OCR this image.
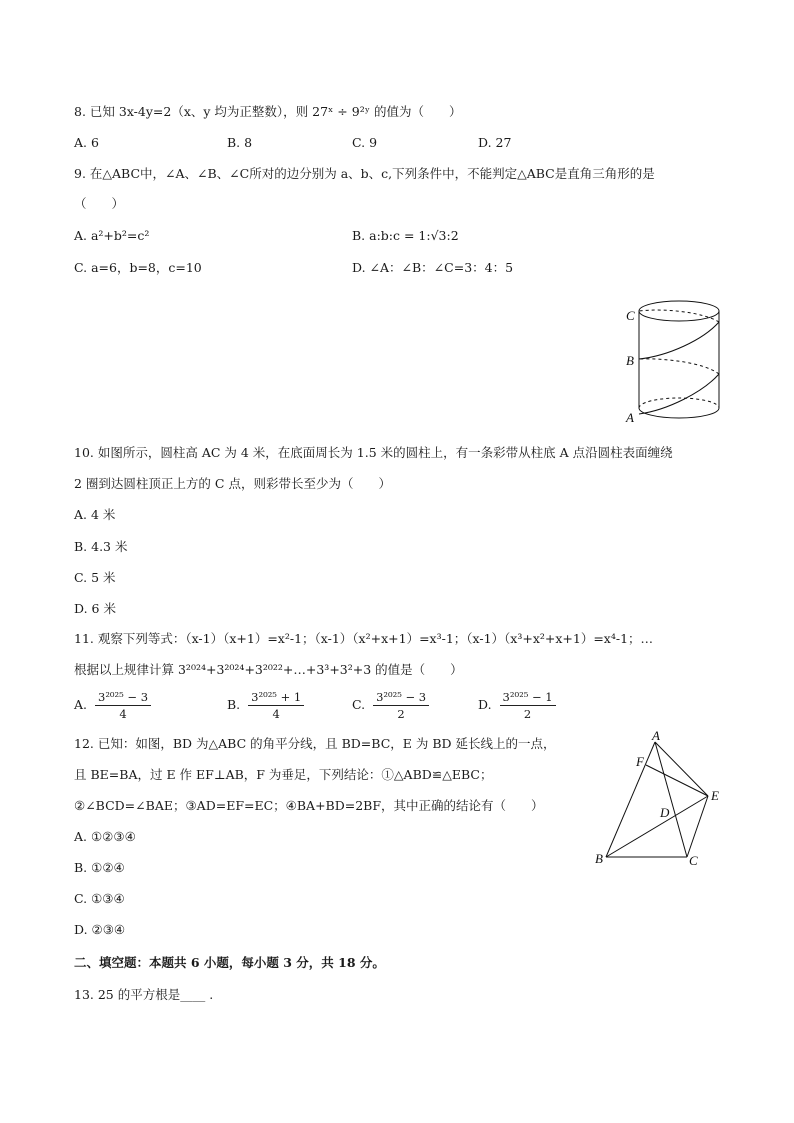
8. 已知 3x-4y=2（x、y 均为正整数），则 27ˣ ÷ 9²ʸ 的值为（　　）
A. 6	B. 8	C. 9	D. 27
9. 在△ABC中，∠A、∠B、∠C所对的边分别为 a、b、c,下列条件中，不能判定△ABC是直角三角形的是
（　　）
A. a²+b²=c²	B. a:b:c = 1:√3:2
C. a=6，b=8，c=10	D. ∠A：∠B：∠C=3：4：5
C
B
A
10. 如图所示，圆柱高 AC 为 4 米，在底面周长为 1.5 米的圆柱上，有一条彩带从柱底 A 点沿圆柱表面缠绕
2 圈到达圆柱顶正上方的 C 点，则彩带长至少为（　　）
A. 4 米
B. 4.3 米
C. 5 米
D. 6 米
11. 观察下列等式：（x-1）（x+1）=x²-1；（x-1）（x²+x+1）=x³-1；（x-1）（x³+x²+x+1）=x⁴-1；…
根据以上规律计算 3²⁰²⁴+3²⁰²⁴+3²⁰²²+…+3³+3²+3 的值是（　　）
A. $\frac{\text{3²⁰²⁵ − 3}}{4}$	B. $\frac{\text{3²⁰²⁵ + 1}}{4}$	C. $\frac{\text{3²⁰²⁵ − 3}}{2}$	D. $\frac{\text{3²⁰²⁵ − 1}}{2}$
12. 已知：如图，BD 为△ABC 的角平分线，且 BD=BC，E 为 BD 延长线上的一点，
且 BE=BA，过 E 作 EF⊥AB，F 为垂足，下列结论：①△ABD≌△EBC；
②∠BCD=∠BAE；③AD=EF=EC；④BA+BD=2BF，其中正确的结论有（　　）
A. ①②③④
B. ①②④
C. ①③④
D. ②③④
A
F
E
D
B	C
二、填空题：本题共 6 小题，每小题 3 分，共 18 分。
13. 25 的平方根是____ .
